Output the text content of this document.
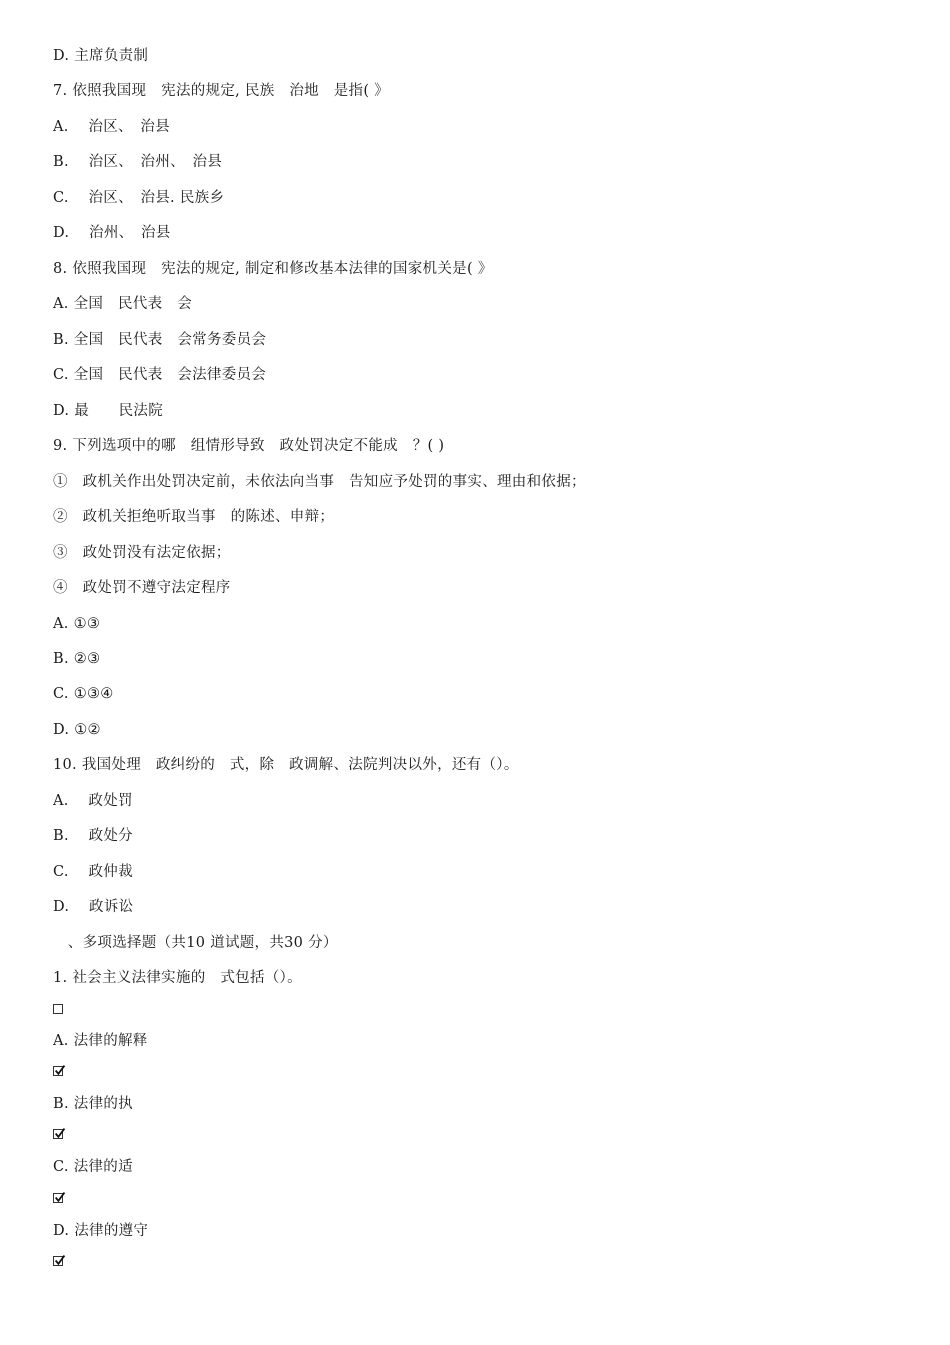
D. 主席负责制
7. 依照我国现　宪法的规定, 民族　治地　是指( 》
A.　 治区、　治县
B.　 治区、　治州、　治县
C.　 治区、　治县. 民族乡
D.　 治州、　治县
8. 依照我国现　宪法的规定, 制定和修改基本法律的国家机关是( 》
A. 全国　民代表　会
B. 全国　民代表　会常务委员会
C. 全国　民代表　会法律委员会
D. 最　　民法院
9. 下列选项中的哪　组情形导致　政处罚决定不能成　？( )
①　政机关作出处罚决定前，未依法向当事　告知应予处罚的事实、理由和依据；
②　政机关拒绝听取当事　的陈述、申辩；
③　政处罚没有法定依据；
④　政处罚不遵守法定程序
A. ①③
B. ②③
C. ①③④
D. ①②
10. 我国处理　政纠纷的　式，除　政调解、法院判决以外，还有（）。
A.　 政处罚
B.　 政处分
C.　 政仲裁
D.　 政诉讼
　、多项选择题（共10 道试题，共30 分）
1. 社会主义法律实施的　式包括（）。
A. 法律的解释
B. 法律的执
C. 法律的适
D. 法律的遵守
